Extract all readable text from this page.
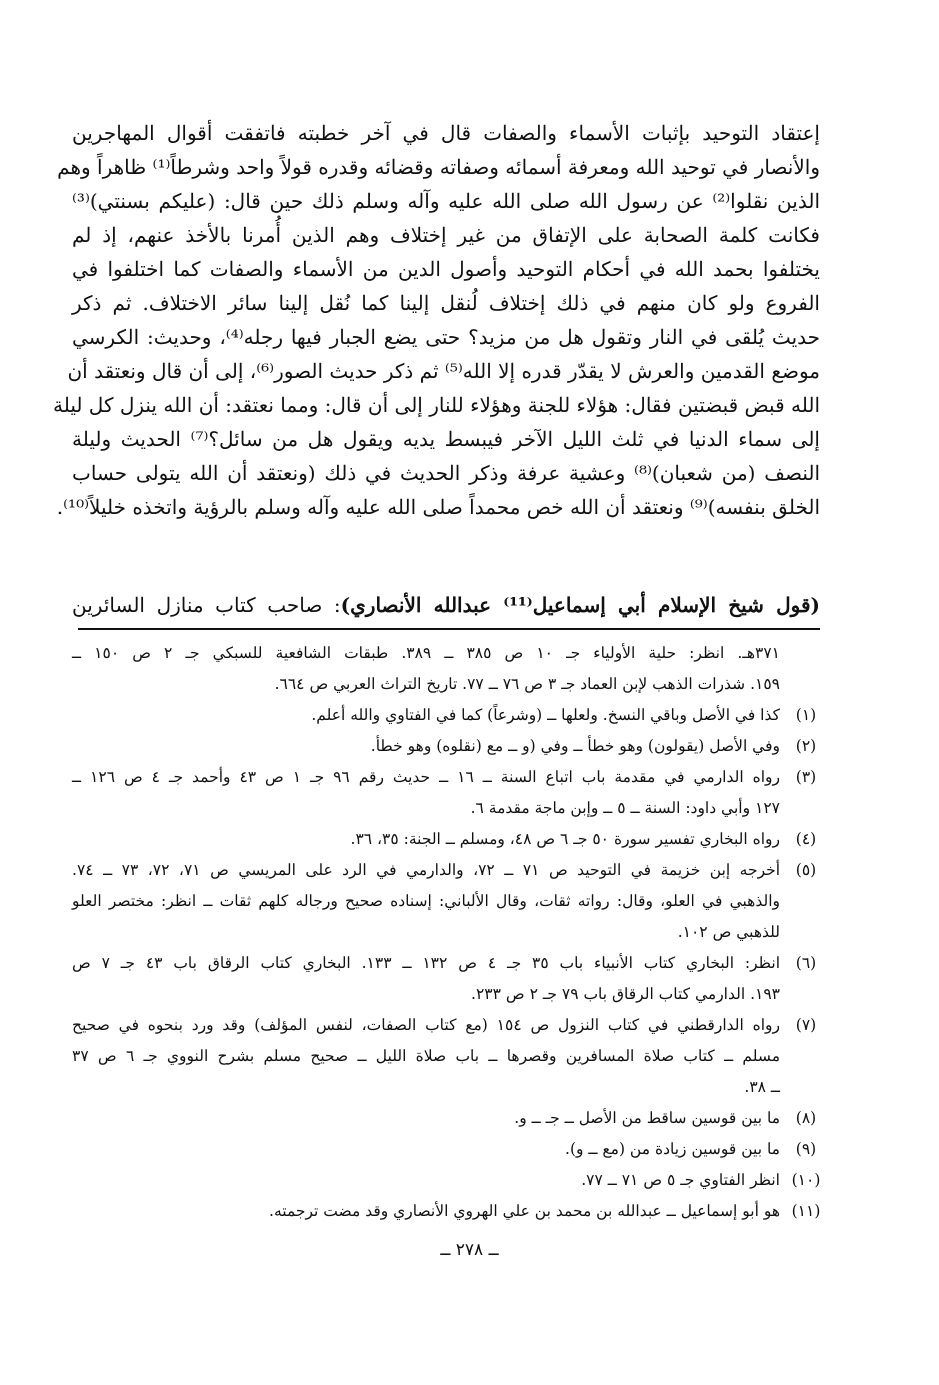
إعتقاد التوحيد بإثبات الأسماء والصفات قال في آخر خطبته فاتفقت أقوال المهاجرين
والأنصار في توحيد الله ومعرفة أسمائه وصفاته وقضائه وقدره قولاً واحد وشرطاً⁽¹⁾ ظاهراً وهم
الذين نقلوا⁽²⁾ عن رسول الله صلى الله عليه وآله وسلم ذلك حين قال: (عليكم بسنتي)⁽³⁾
فكانت كلمة الصحابة على الإتفاق من غير إختلاف وهم الذين أُمرنا بالأخذ عنهم، إذ لم
يختلفوا بحمد الله في أحكام التوحيد وأصول الدين من الأسماء والصفات كما اختلفوا في
الفروع ولو كان منهم في ذلك إختلاف لُنقل إلينا كما نُقل إلينا سائر الاختلاف. ثم ذكر
حديث يُلقى في النار وتقول هل من مزيد؟ حتى يضع الجبار فيها رجله⁽⁴⁾، وحديث: الكرسي
موضع القدمين والعرش لا يقدّر قدره إلا الله⁽⁵⁾ ثم ذكر حديث الصور⁽⁶⁾، إلى أن قال ونعتقد أن
الله قبض قبضتين فقال: هؤلاء للجنة وهؤلاء للنار إلى أن قال: ومما نعتقد: أن الله ينزل كل ليلة
إلى سماء الدنيا في ثلث الليل الآخر فيبسط يديه ويقول هل من سائل؟⁽⁷⁾ الحديث وليلة
النصف (من شعبان)⁽⁸⁾ وعشية عرفة وذكر الحديث في ذلك (ونعتقد أن الله يتولى حساب
الخلق بنفسه)⁽⁹⁾ ونعتقد أن الله خص محمداً صلى الله عليه وآله وسلم بالرؤية واتخذه خليلاً⁽¹⁰⁾.
(قول شيخ الإسلام أبي إسماعيل⁽¹¹⁾ عبدالله الأنصاري): صاحب كتاب منازل السائرين
٣٧١هـ. انظر: حلية الأولياء جـ ١٠ ص ٣٨٥ ــ ٣٨٩. طبقات الشافعية للسبكي جـ ٢ ص ١٥٠ ــ
١٥٩. شذرات الذهب لإبن العماد جـ ٣ ص ٧٦ ــ ٧٧. تاريخ التراث العربي ص ٦٦٤.
(١)
كذا في الأصل وباقي النسخ. ولعلها ــ (وشرعاً) كما في الفتاوي والله أعلم.
(٢)
وفي الأصل (يقولون) وهو خطأ ــ وفي (و ــ مع (نقلوه) وهو خطأ.
(٣)
رواه الدارمي في مقدمة باب اتباع السنة ــ ١٦ ــ حديث رقم ٩٦ جـ ١ ص ٤٣ وأحمد جـ ٤ ص ١٢٦ ــ
١٢٧ وأبي داود: السنة ــ ٥ ــ وإبن ماجة مقدمة ٦.
(٤)
رواه البخاري تفسير سورة ٥٠ جـ ٦ ص ٤٨، ومسلم ــ الجنة: ٣٥، ٣٦.
(٥)
أخرجه إبن خزيمة في التوحيد ص ٧١ ــ ٧٢، والدارمي في الرد على المريسي ص ٧١، ٧٢، ٧٣ ــ ٧٤.
والذهبي في العلو، وقال: رواته ثقات، وقال الألباني: إسناده صحيح ورجاله كلهم ثقات ــ انظر: مختصر العلو
للذهبي ص ١٠٢.
(٦)
انظر: البخاري كتاب الأنبياء باب ٣٥ جـ ٤ ص ١٣٢ ــ ١٣٣. البخاري كتاب الرقاق باب ٤٣ جـ ٧ ص
١٩٣. الدارمي كتاب الرقاق باب ٧٩ جـ ٢ ص ٢٣٣.
(٧)
رواه الدارقطني في كتاب النزول ص ١٥٤ (مع كتاب الصفات، لنفس المؤلف) وقد ورد بنحوه في صحيح
مسلم ــ كتاب صلاة المسافرين وقصرها ــ باب صلاة الليل ــ صحيح مسلم بشرح النووي جـ ٦ ص ٣٧
ــ ٣٨.
(٨)
ما بين قوسين ساقط من الأصل ــ جـ ــ و.
(٩)
ما بين قوسين زيادة من (مع ــ و).
(١٠)
انظر الفتاوي جـ ٥ ص ٧١ ــ ٧٧.
(١١)
هو أبو إسماعيل ــ عبدالله بن محمد بن علي الهروي الأنصاري وقد مضت ترجمته.
ــ ٢٧٨ ــ
